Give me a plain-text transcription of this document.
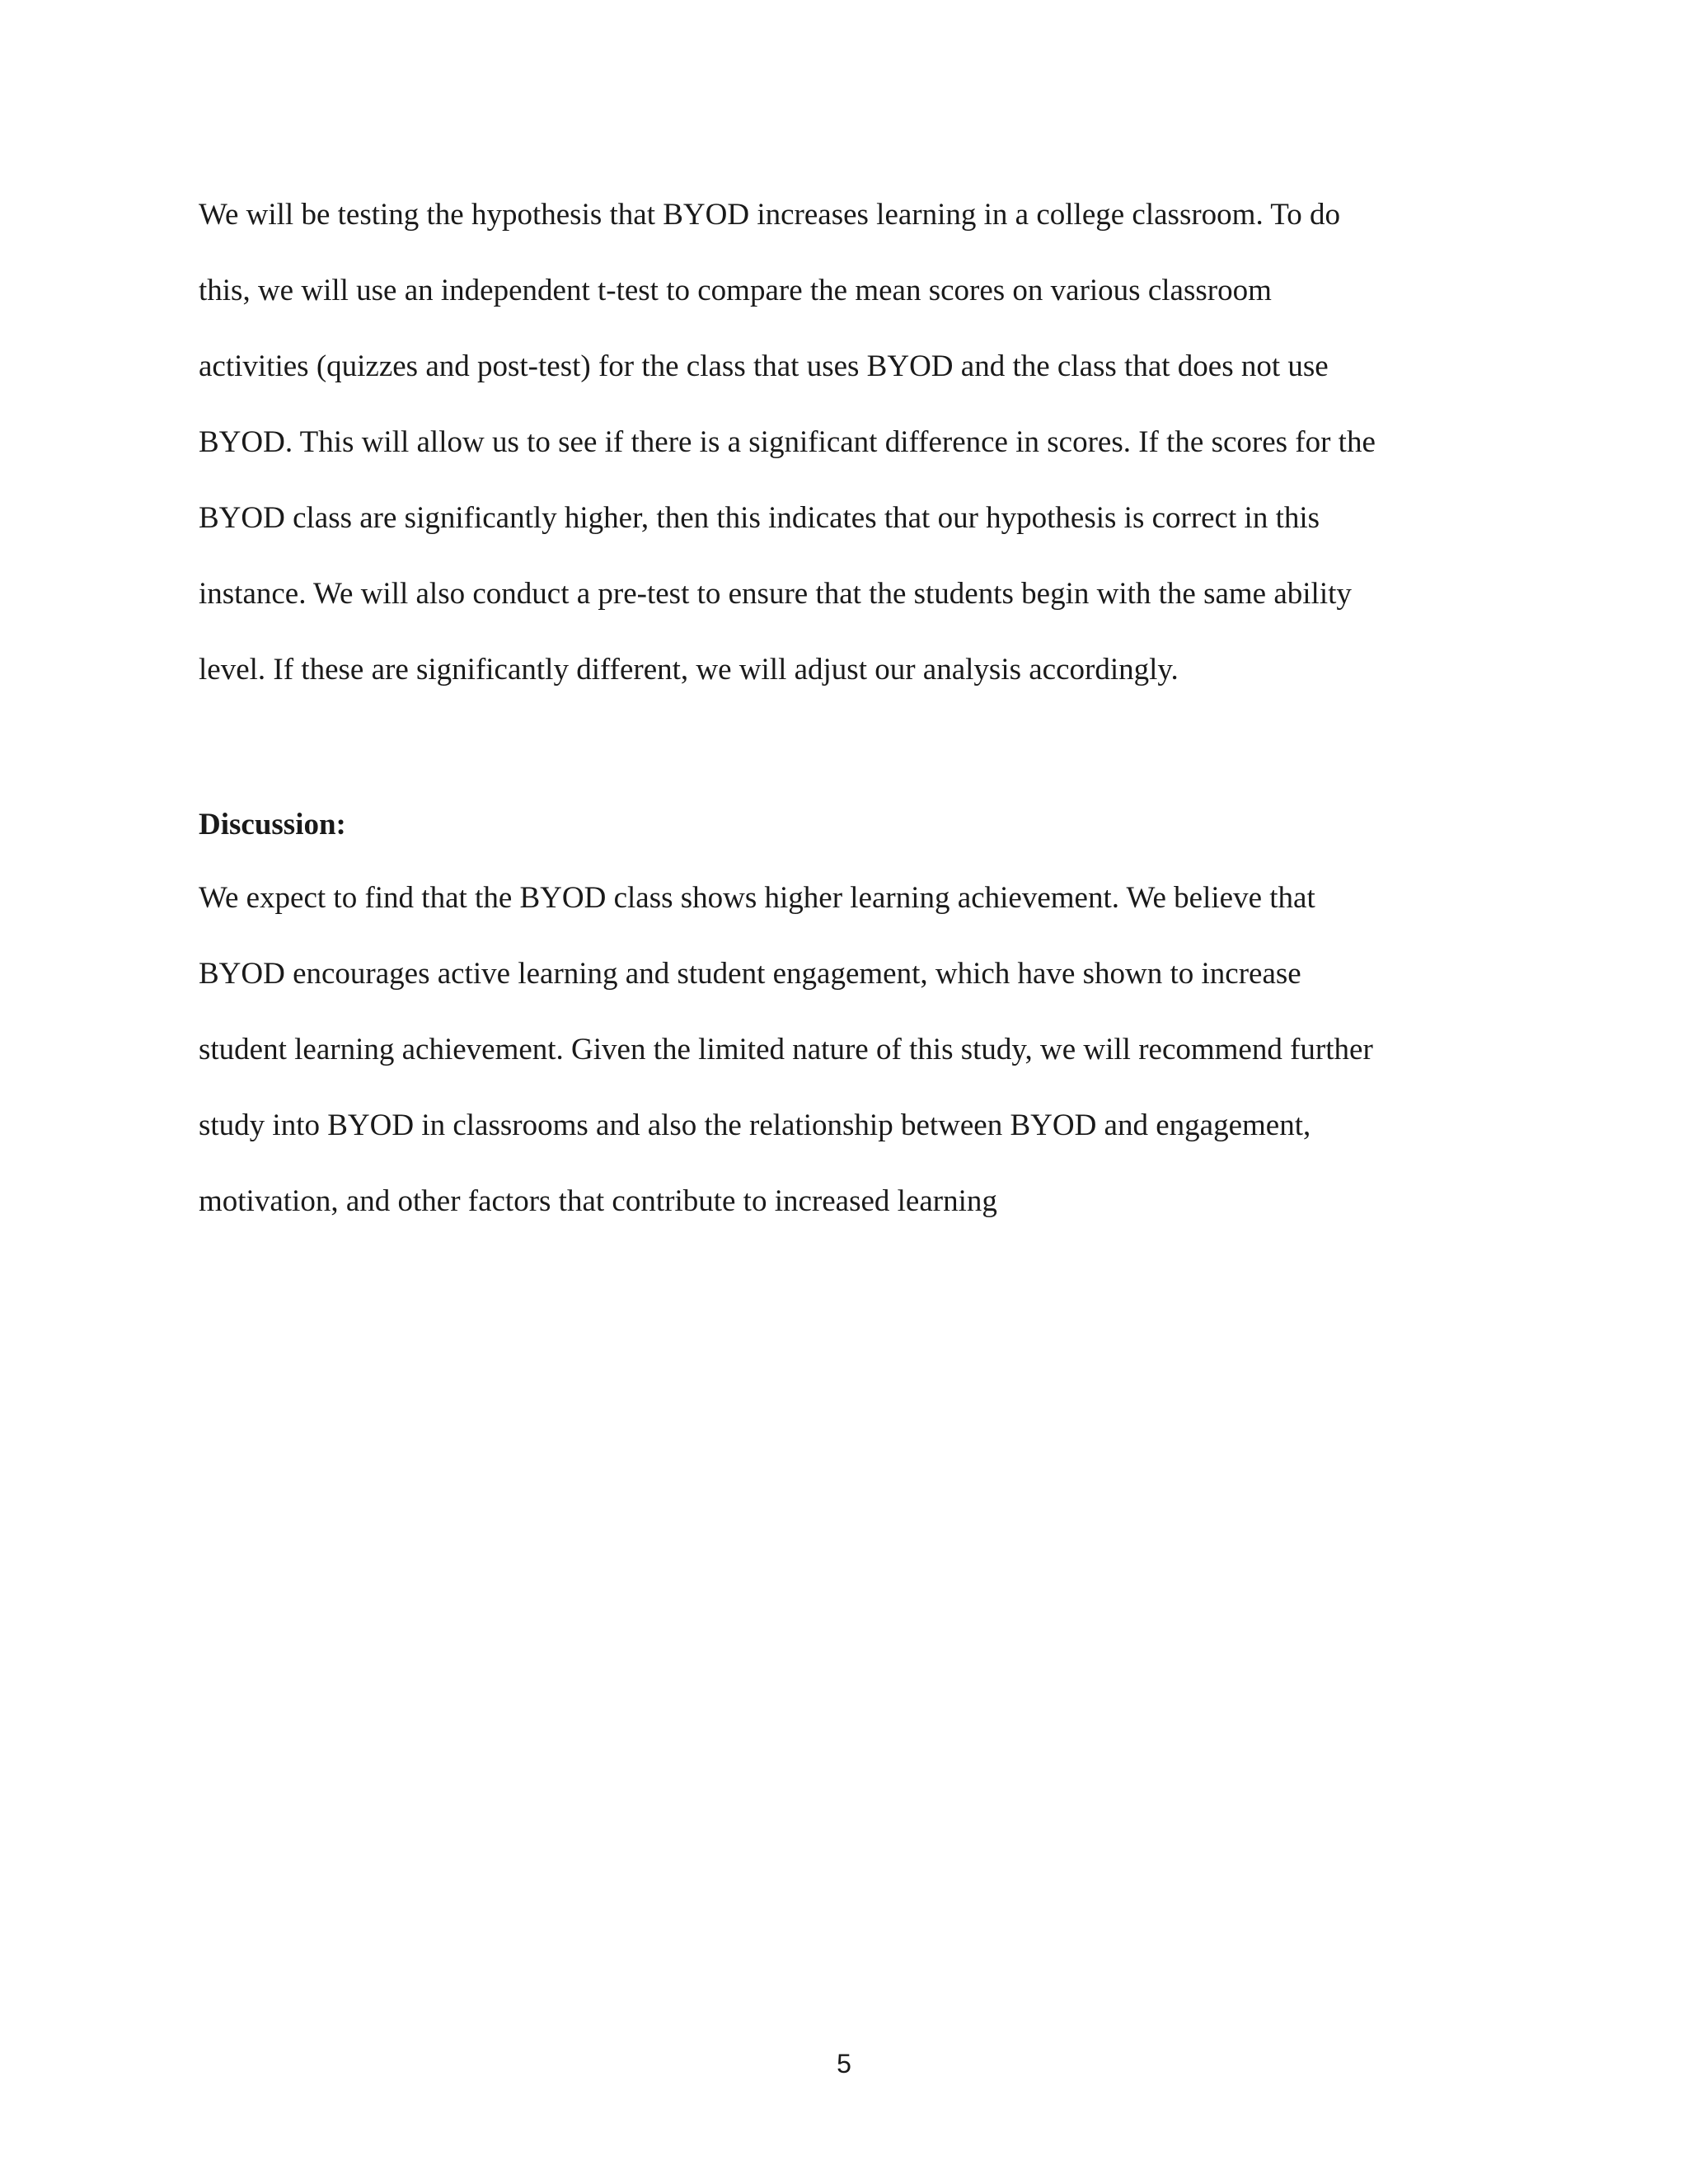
We will be testing the hypothesis that BYOD increases learning in a college classroom. To do
this, we will use an independent t-test to compare the mean scores on various classroom
activities (quizzes and post-test) for the class that uses BYOD and the class that does not use
BYOD. This will allow us to see if there is a significant difference in scores. If the scores for the
BYOD class are significantly higher, then this indicates that our hypothesis is correct in this
instance. We will also conduct a pre-test to ensure that the students begin with the same ability
level. If these are significantly different, we will adjust our analysis accordingly.
Discussion:
We expect to find that the BYOD class shows higher learning achievement. We believe that
BYOD encourages active learning and student engagement, which have shown to increase
student learning achievement. Given the limited nature of this study, we will recommend further
study into BYOD in classrooms and also the relationship between BYOD and engagement,
motivation, and other factors that contribute to increased learning
5
